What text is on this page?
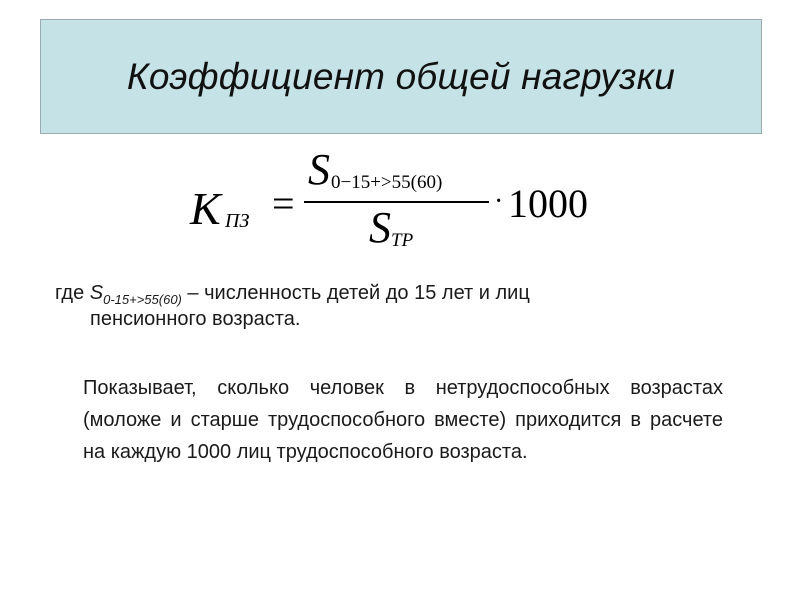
Коэффициент общей нагрузки
K ПЗ =
S 0−15+>55(60)
S ТР
· 1000
где $S_{0-15+>55(60)}$ – численность детей до 15 лет и лиц
пенсионного возраста.
Показывает, сколько человек в нетрудоспособных возрастах (моложе и старше трудоспособного вместе) приходится в расчете на каждую 1000 лиц трудоспособного возраста.
